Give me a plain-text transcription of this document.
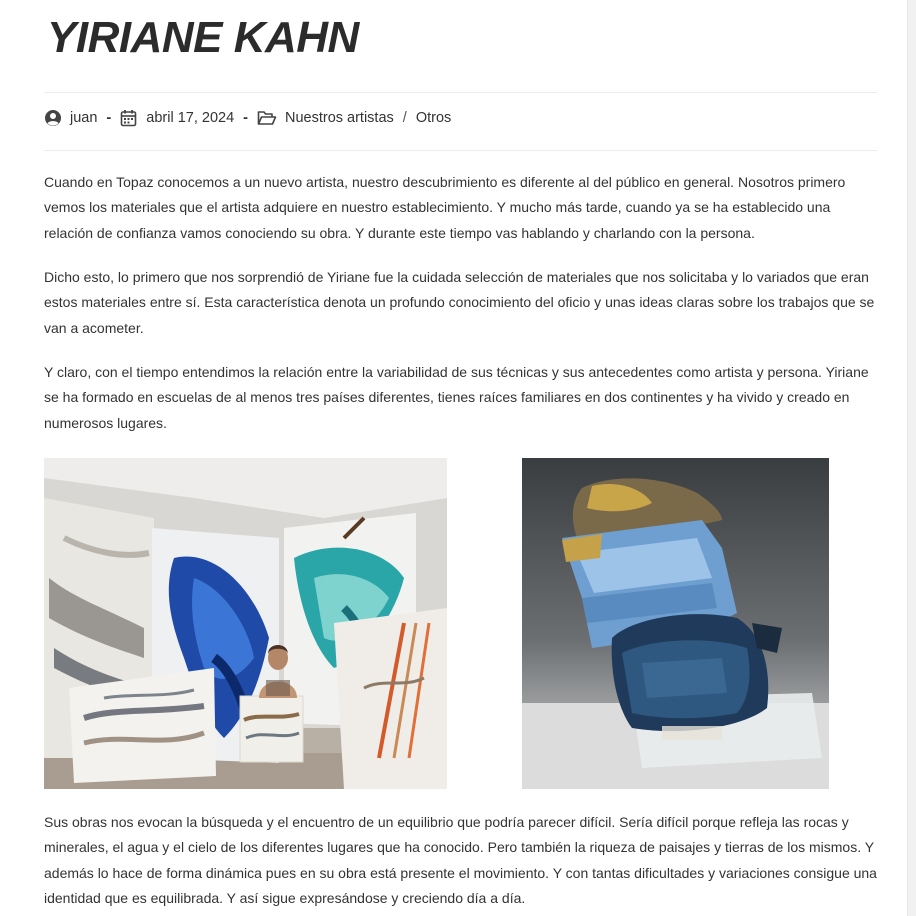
YIRIANE KAHN
juan - abril 17, 2024 -	Nuestros artistas / Otros

Cuando en Topaz conocemos a un nuevo artista, nuestro descubrimiento es diferente al del público en general. Nosotros primero vemos los materiales que el artista adquiere en nuestro establecimiento. Y mucho más tarde, cuando ya se ha establecido una relación de confianza vamos conociendo su obra. Y durante este tiempo vas hablando y charlando con la persona.

Dicho esto, lo primero que nos sorprendió de Yiriane fue la cuidada selección de materiales que nos solicitaba y lo variados que eran estos materiales entre sí. Esta característica denota un profundo conocimiento del oficio y unas ideas claras sobre los trabajos que se van a acometer.

Y claro, con el tiempo entendimos la relación entre la variabilidad de sus técnicas y sus antecedentes como artista y persona. Yiriane se ha formado en escuelas de al menos tres países diferentes, tienes raíces familiares en dos continentes y ha vivido y creado en numerosos lugares.

Sus obras nos evocan la búsqueda y el encuentro de un equilibrio que podría parecer difícil. Sería difícil porque refleja las rocas y minerales, el agua y el cielo de los diferentes lugares que ha conocido. Pero también la riqueza de paisajes y tierras de los mismos. Y además lo hace de forma dinámica pues en su obra está presente el movimiento. Y con tantas dificultades y variaciones consigue una identidad que es equilibrada. Y así sigue expresándose y creciendo día a día.
